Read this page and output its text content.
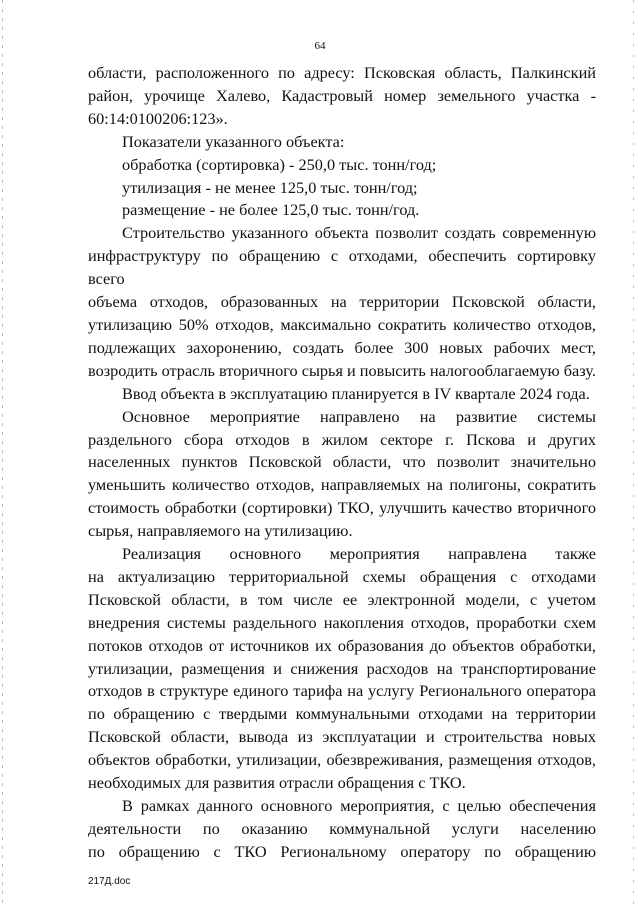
64
области, расположенного по адресу: Псковская область, Палкинский
район, урочище Халево, Кадастровый номер земельного участка -
60:14:0100206:123».
Показатели указанного объекта:
обработка (сортировка) - 250,0 тыс. тонн/год;
утилизация - не менее 125,0 тыс. тонн/год;
размещение - не более 125,0 тыс. тонн/год.
Строительство указанного объекта позволит создать современную
инфраструктуру по обращению с отходами, обеспечить сортировку всего
объема отходов, образованных на территории Псковской области,
утилизацию 50% отходов, максимально сократить количество отходов,
подлежащих захоронению, создать более 300 новых рабочих мест,
возродить отрасль вторичного сырья и повысить налогооблагаемую базу.
Ввод объекта в эксплуатацию планируется в IV квартале 2024 года.
Основное мероприятие направлено на развитие системы
раздельного сбора отходов в жилом секторе г. Пскова и других
населенных пунктов Псковской области, что позволит значительно
уменьшить количество отходов, направляемых на полигоны, сократить
стоимость обработки (сортировки) ТКО, улучшить качество вторичного
сырья, направляемого на утилизацию.
Реализация основного мероприятия направлена также
на актуализацию территориальной схемы обращения с отходами
Псковской области, в том числе ее электронной модели, с учетом
внедрения системы раздельного накопления отходов, проработки схем
потоков отходов от источников их образования до объектов обработки,
утилизации, размещения и снижения расходов на транспортирование
отходов в структуре единого тарифа на услугу Регионального оператора
по обращению с твердыми коммунальными отходами на территории
Псковской области, вывода из эксплуатации и строительства новых
объектов обработки, утилизации, обезвреживания, размещения отходов,
необходимых для развития отрасли обращения с ТКО.
В рамках данного основного мероприятия, с целью обеспечения
деятельности по оказанию коммунальной услуги населению
по обращению с ТКО Региональному оператору по обращению
217Д.doc
